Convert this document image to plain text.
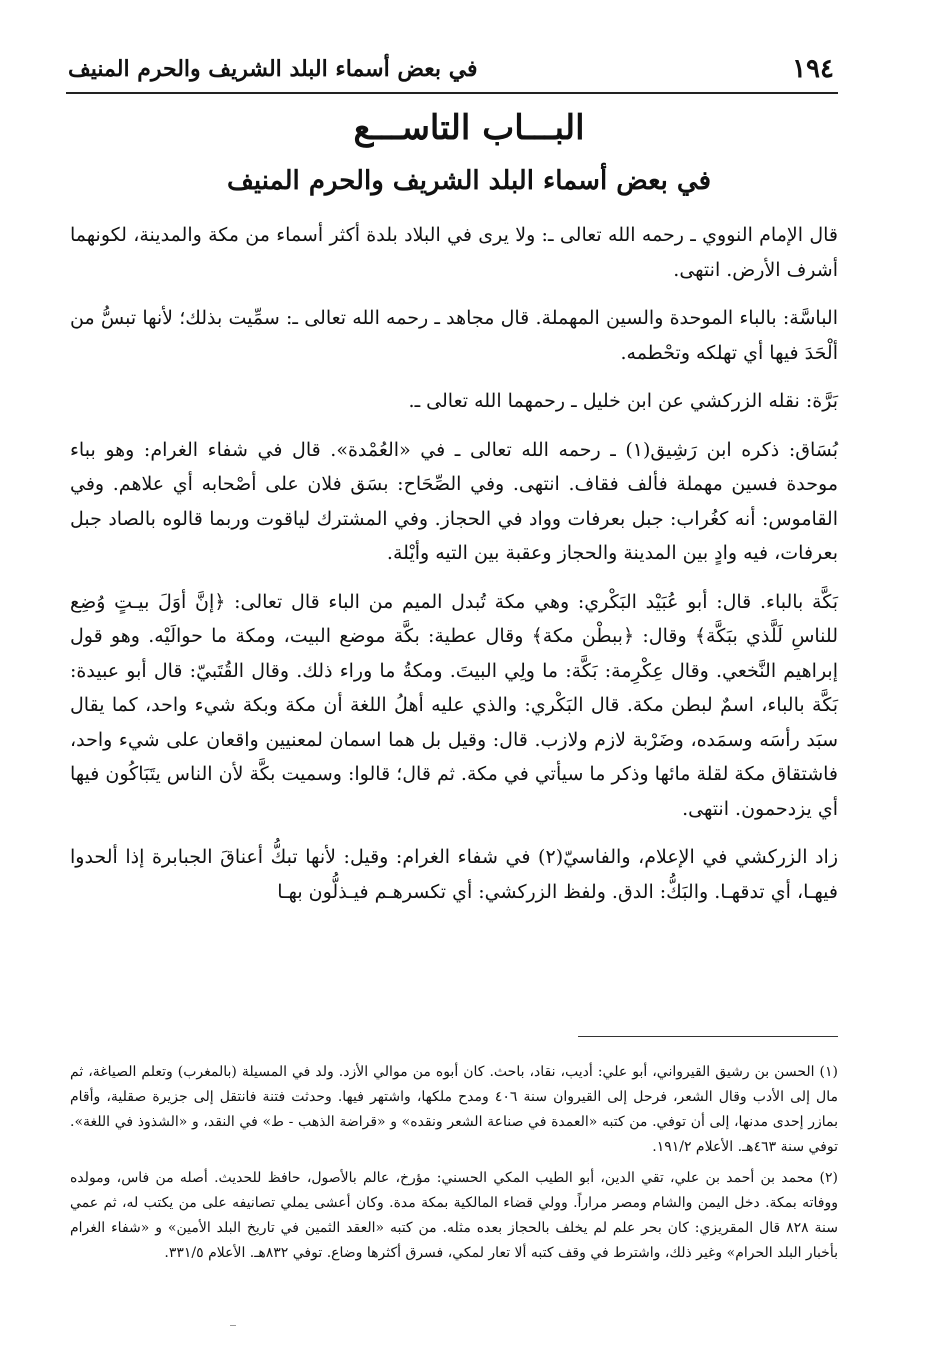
١٩٤
في بعض أسماء البلد الشريف والحرم المنيف
البـــاب التاســـع
في بعض أسماء البلد الشريف والحرم المنيف

قال الإمام النووي ـ رحمه الله تعالى ـ: ولا يرى في البلاد بلدة أكثر أسماء من مكة والمدينة، لكونهما أشرف الأرض. انتهى.

الباسَّة: بالباء الموحدة والسين المهملة. قال مجاهد ـ رحمه الله تعالى ـ: سمِّيت بذلك؛ لأنها تبسُّ من ألْحَدَ فيها أي تهلكه وتحْطمه.

بَرَّة: نقله الزركشي عن ابن خليل ـ رحمهما الله تعالى ـ.

بُسَاق: ذكره ابن رَشِيق(١) ـ رحمه الله تعالى ـ في «العُمْدة». قال في شفاء الغرام: وهو بباء موحدة فسين مهملة فألف فقاف. انتهى. وفي الصِّحَاح: بسَق فلان على أصْحابه أي علاهم. وفي القاموس: أنه كغُراب: جبل بعرفات وواد في الحجاز. وفي المشترك لياقوت وربما قالوه بالصاد جبل بعرفات، فيه وادٍ بين المدينة والحجاز وعقبة بين التيه وأيْلة.

بَكَّة بالباء. قال: أبو عُبَيْد البَكْري: وهي مكة تُبدل الميم من الباء قال تعالى: ﴿إنَّ أوَلَ بيـتٍ وُضِع للناسِ لَلَّذي ببَكَّة﴾ وقال: ﴿ببطْن مكة﴾ وقال عطية: بكَّة موضع البيت، ومكة ما حوالَيْه. وهو قول إبراهيم النَّخعي. وقال عِكْرِمة: بَكَّة: ما ولِي البيتَ. ومكةُ ما وراء ذلك. وقال القُتَبيّ: قال أبو عبيدة: بَكَّة بالباء، اسمٌ لبطن مكة. قال البَكْري: والذي عليه أهلُ اللغة أن مكة وبكة شيء واحد، كما يقال سبَد رأسَه وسمَده، وضَرْبة لازم ولازب. قال: وقيل بل هما اسمان لمعنيين واقعان على شيء واحد، فاشتقاق مكة لقلة مائها وذكر ما سيأتي في مكة. ثم قال؛ قالوا: وسميت بكَّة لأن الناس يتَبَاكُون فيها أي يزدحمون. انتهى.

زاد الزركشي في الإعلام، والفاسيّ(٢) في شفاء الغرام: وقيل: لأنها تبكُّ أعناقَ الجبابرة إذا ألحدوا فيهـا، أي تدقهـا. والبَكُّ: الدق. ولفظ الزركشي: أي تكسرهـم فيـذلُّون بهـا

(١) الحسن بن رشيق القيرواني، أبو علي: أديب، نقاد، باحث. كان أبوه من موالي الأزد. ولد في المسيلة (بالمغرب) وتعلم الصياغة، ثم مال إلى الأدب وقال الشعر، فرحل إلى القيروان سنة ٤٠٦ ومدح ملكها، واشتهر فيها. وحدثت فتنة فانتقل إلى جزيرة صقلية، وأقام بمازر إحدى مدنها، إلى أن توفي. من كتبه «العمدة في صناعة الشعر ونقده» و «قراضة الذهب - ط» في النقد، و «الشذوذ في اللغة». توفي سنة ٤٦٣هـ. الأعلام ١٩١/٢.

(٢) محمد بن أحمد بن علي، تقي الدين، أبو الطيب المكي الحسني: مؤرخ، عالم بالأصول، حافظ للحديث. أصله من فاس، ومولده ووفاته بمكة. دخل اليمن والشام ومصر مراراً. وولي قضاء المالكية بمكة مدة. وكان أعشى يملي تصانيفه على من يكتب له، ثم عمي سنة ٨٢٨ قال المقريزي: كان بحر علم لم يخلف بالحجاز بعده مثله. من كتبه «العقد الثمين في تاريخ البلد الأمين» و «شفاء الغرام بأخبار البلد الحرام» وغير ذلك، واشترط في وقف كتبه ألا تعار لمكي، فسرق أكثرها وضاع. توفي ٨٣٢هـ. الأعلام ٣٣١/٥.
